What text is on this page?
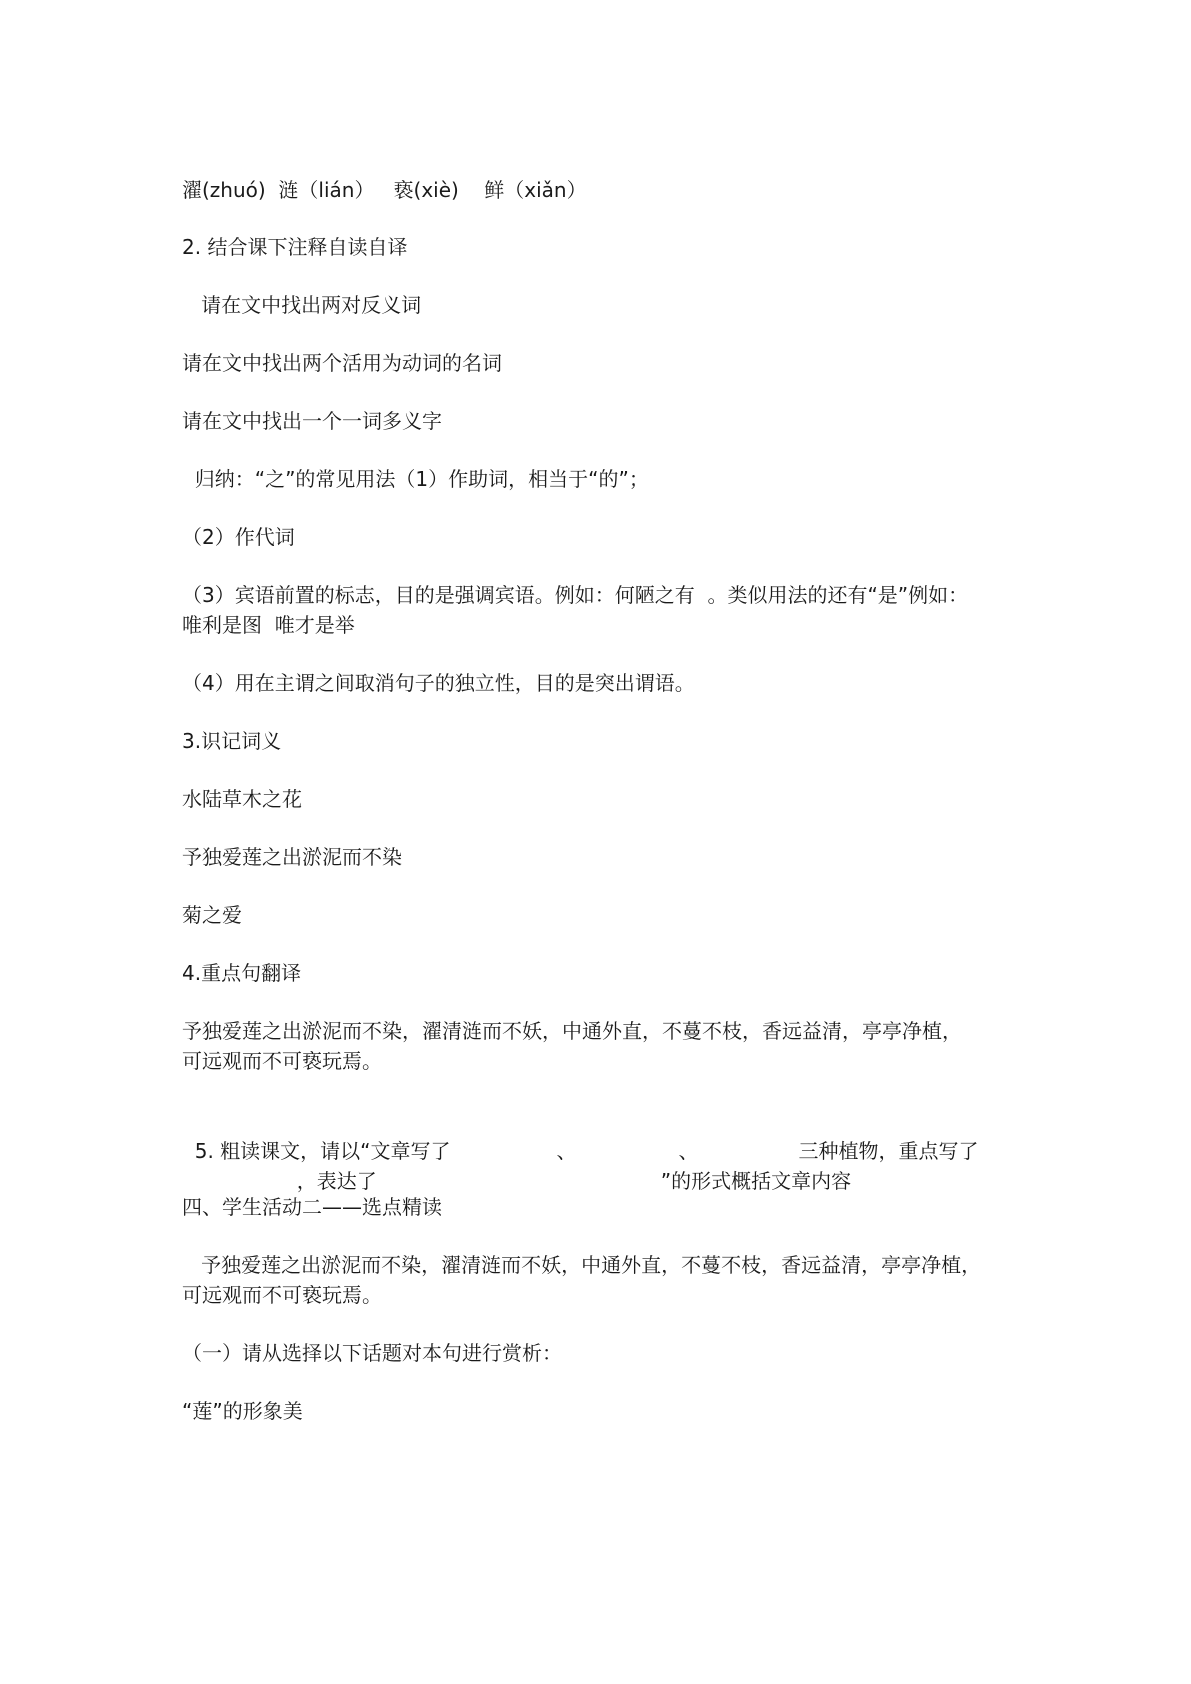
濯(zhuó)  涟（lián）   亵(xiè)    鲜（xiǎn）

2. 结合课下注释自读自译

请在文中找出两对反义词

请在文中找出两个活用为动词的名词

请在文中找出一个一词多义字

归纳：“之”的常见用法（1）作助词，相当于“的”；

（2）作代词

（3）宾语前置的标志，目的是强调宾语。例如：何陋之有  。类似用法的还有“是”例如：

唯利是图  唯才是举

（4）用在主谓之间取消句子的独立性，目的是突出谓语。

3.识记词义

水陆草木之花

予独爱莲之出淤泥而不染

菊之爱

4.重点句翻译

予独爱莲之出淤泥而不染，濯清涟而不妖，中通外直，不蔓不枝，香远益清，亭亭净植，

可远观而不可亵玩焉。

5. 粗读课文，请以“文章写了	、	、	三种植物，重点写了

，表达了	”的形式概括文章内容

四、学生活动二——选点精读

予独爱莲之出淤泥而不染，濯清涟而不妖，中通外直，不蔓不枝，香远益清，亭亭净植，

可远观而不可亵玩焉。

（一）请从选择以下话题对本句进行赏析：

“莲”的形象美
